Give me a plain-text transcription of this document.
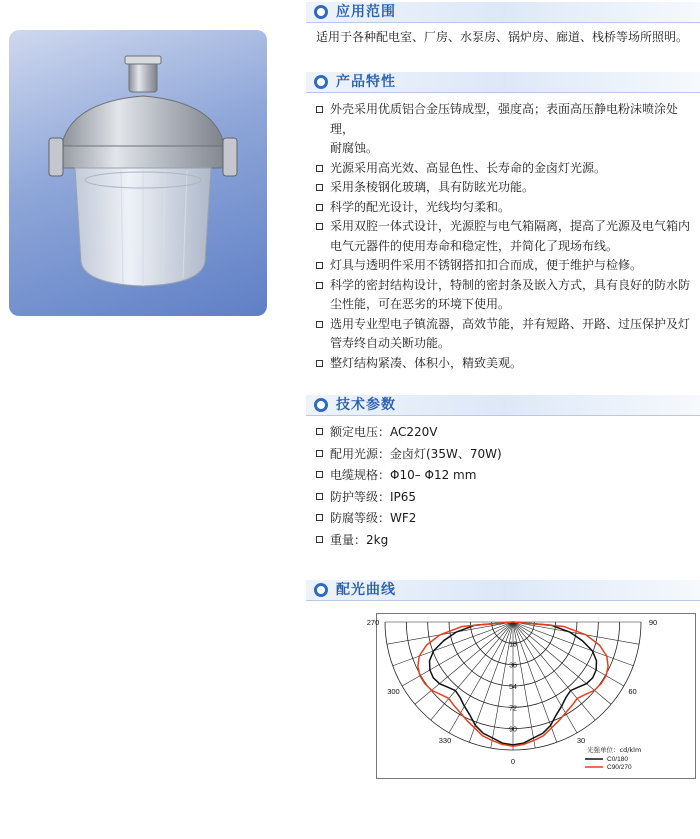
应用范围
适用于各种配电室、厂房、水泵房、锅炉房、廊道、栈桥等场所照明。
产品特性
外壳采用优质铝合金压铸成型，强度高；表面高压静电粉沫喷涂处理，
耐腐蚀。
光源采用高光效、高显色性、长寿命的金卤灯光源。
采用条棱钢化玻璃，具有防眩光功能。
科学的配光设计，光线均匀柔和。
采用双腔一体式设计，光源腔与电气箱隔离，提高了光源及电气箱内
电气元器件的使用寿命和稳定性，并简化了现场布线。
灯具与透明件采用不锈钢搭扣扣合而成，便于维护与检修。
科学的密封结构设计，特制的密封条及嵌入方式，具有良好的防水防
尘性能，可在恶劣的环境下使用。
选用专业型电子镇流器，高效节能，并有短路、开路、过压保护及灯
管寿终自动关断功能。
整灯结构紧凑、体积小，精致美观。
技术参数
额定电压：AC220V
配用光源：金卤灯(35W、70W)
电缆规格：Φ10– Φ12 mm
防护等级：IP65
防腐等级：WF2
重量：2kg
配光曲线
18
36
54
72
90
270
300
330
0
30
60
90
光强单位：cd/klm
C0/180
C90/270
